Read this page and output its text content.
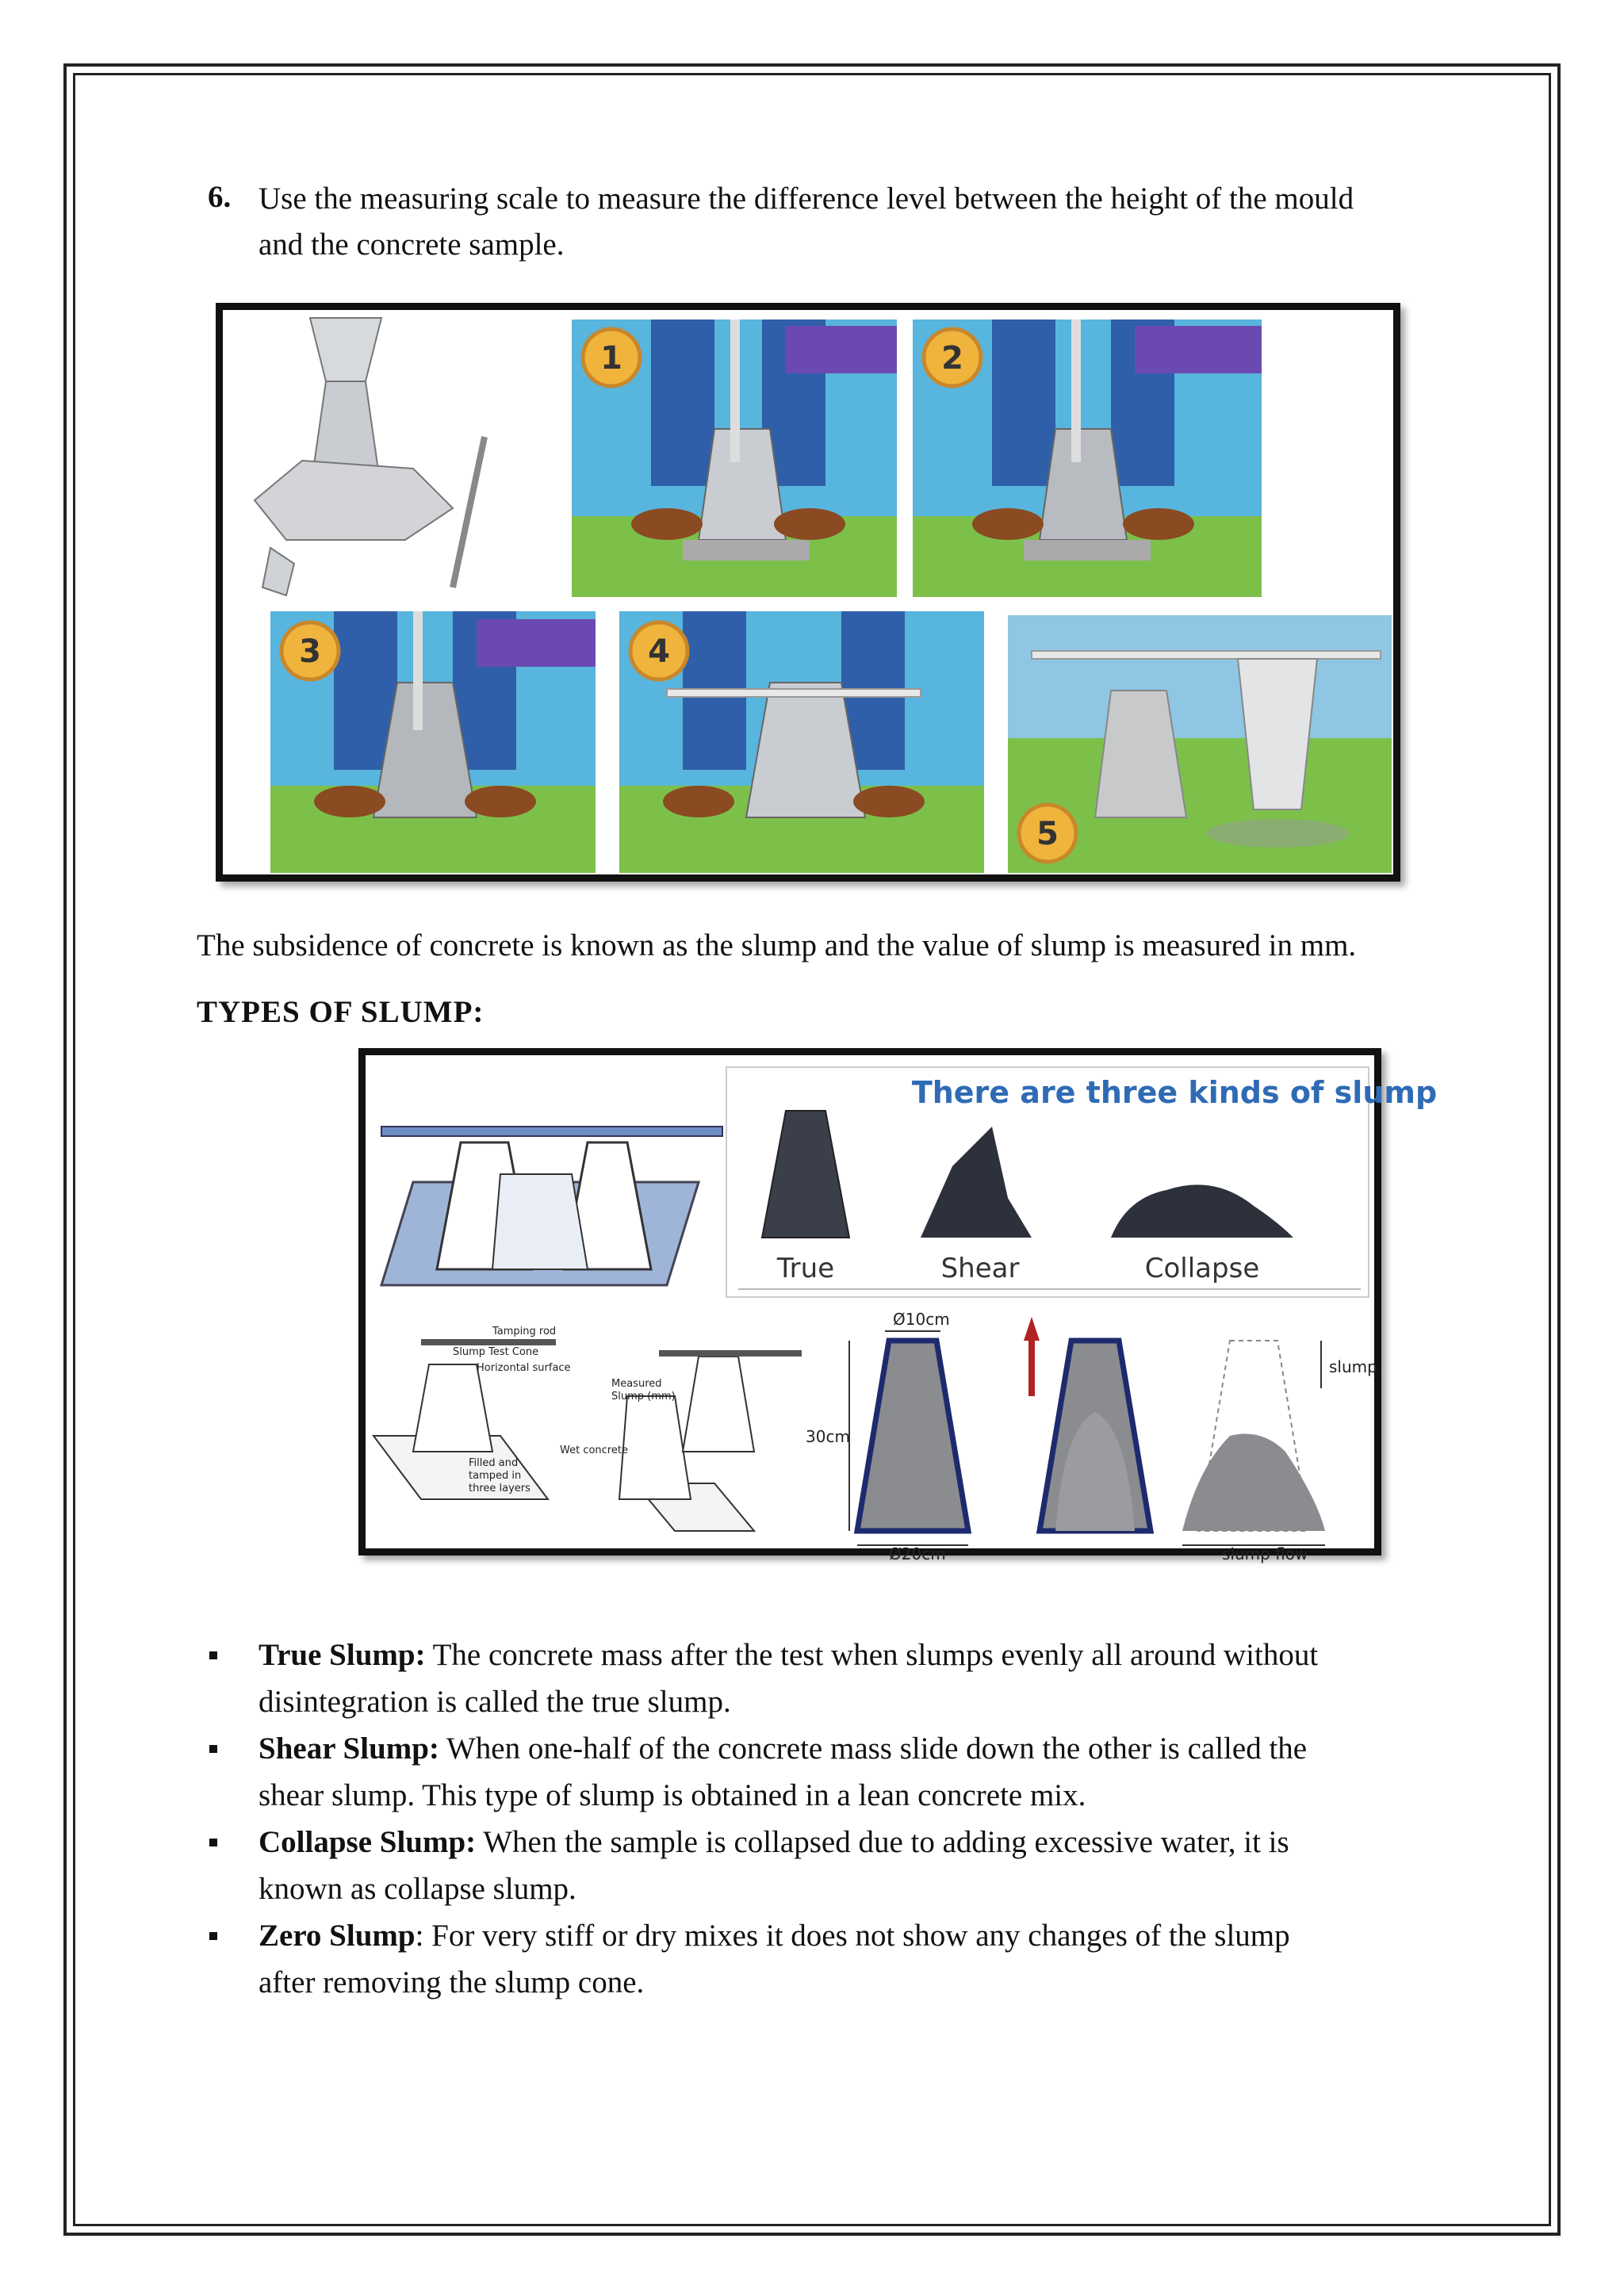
6. Use the measuring scale to measure the difference level between the height of the mould
and the concrete sample.
1	2
3	4
5
The subsidence of concrete is known as the slump and the value of slump is measured in mm.
TYPES OF SLUMP:
There are three kinds of slump
True	Shear	Collapse
Tamping rod
Slump Test Cone
Horizontal surface
Filled and
tamped in
three layers
Measured
Slump (mm)
Wet concrete
Ø10cm
30cm
Ø20cm
slump
slump flow
True Slump: The concrete mass after the test when slumps evenly all around without
disintegration is called the true slump.
Shear Slump: When one-half of the concrete mass slide down the other is called the
shear slump. This type of slump is obtained in a lean concrete mix.
Collapse Slump: When the sample is collapsed due to adding excessive water, it is
known as collapse slump.
Zero Slump: For very stiff or dry mixes it does not show any changes of the slump
after removing the slump cone.
